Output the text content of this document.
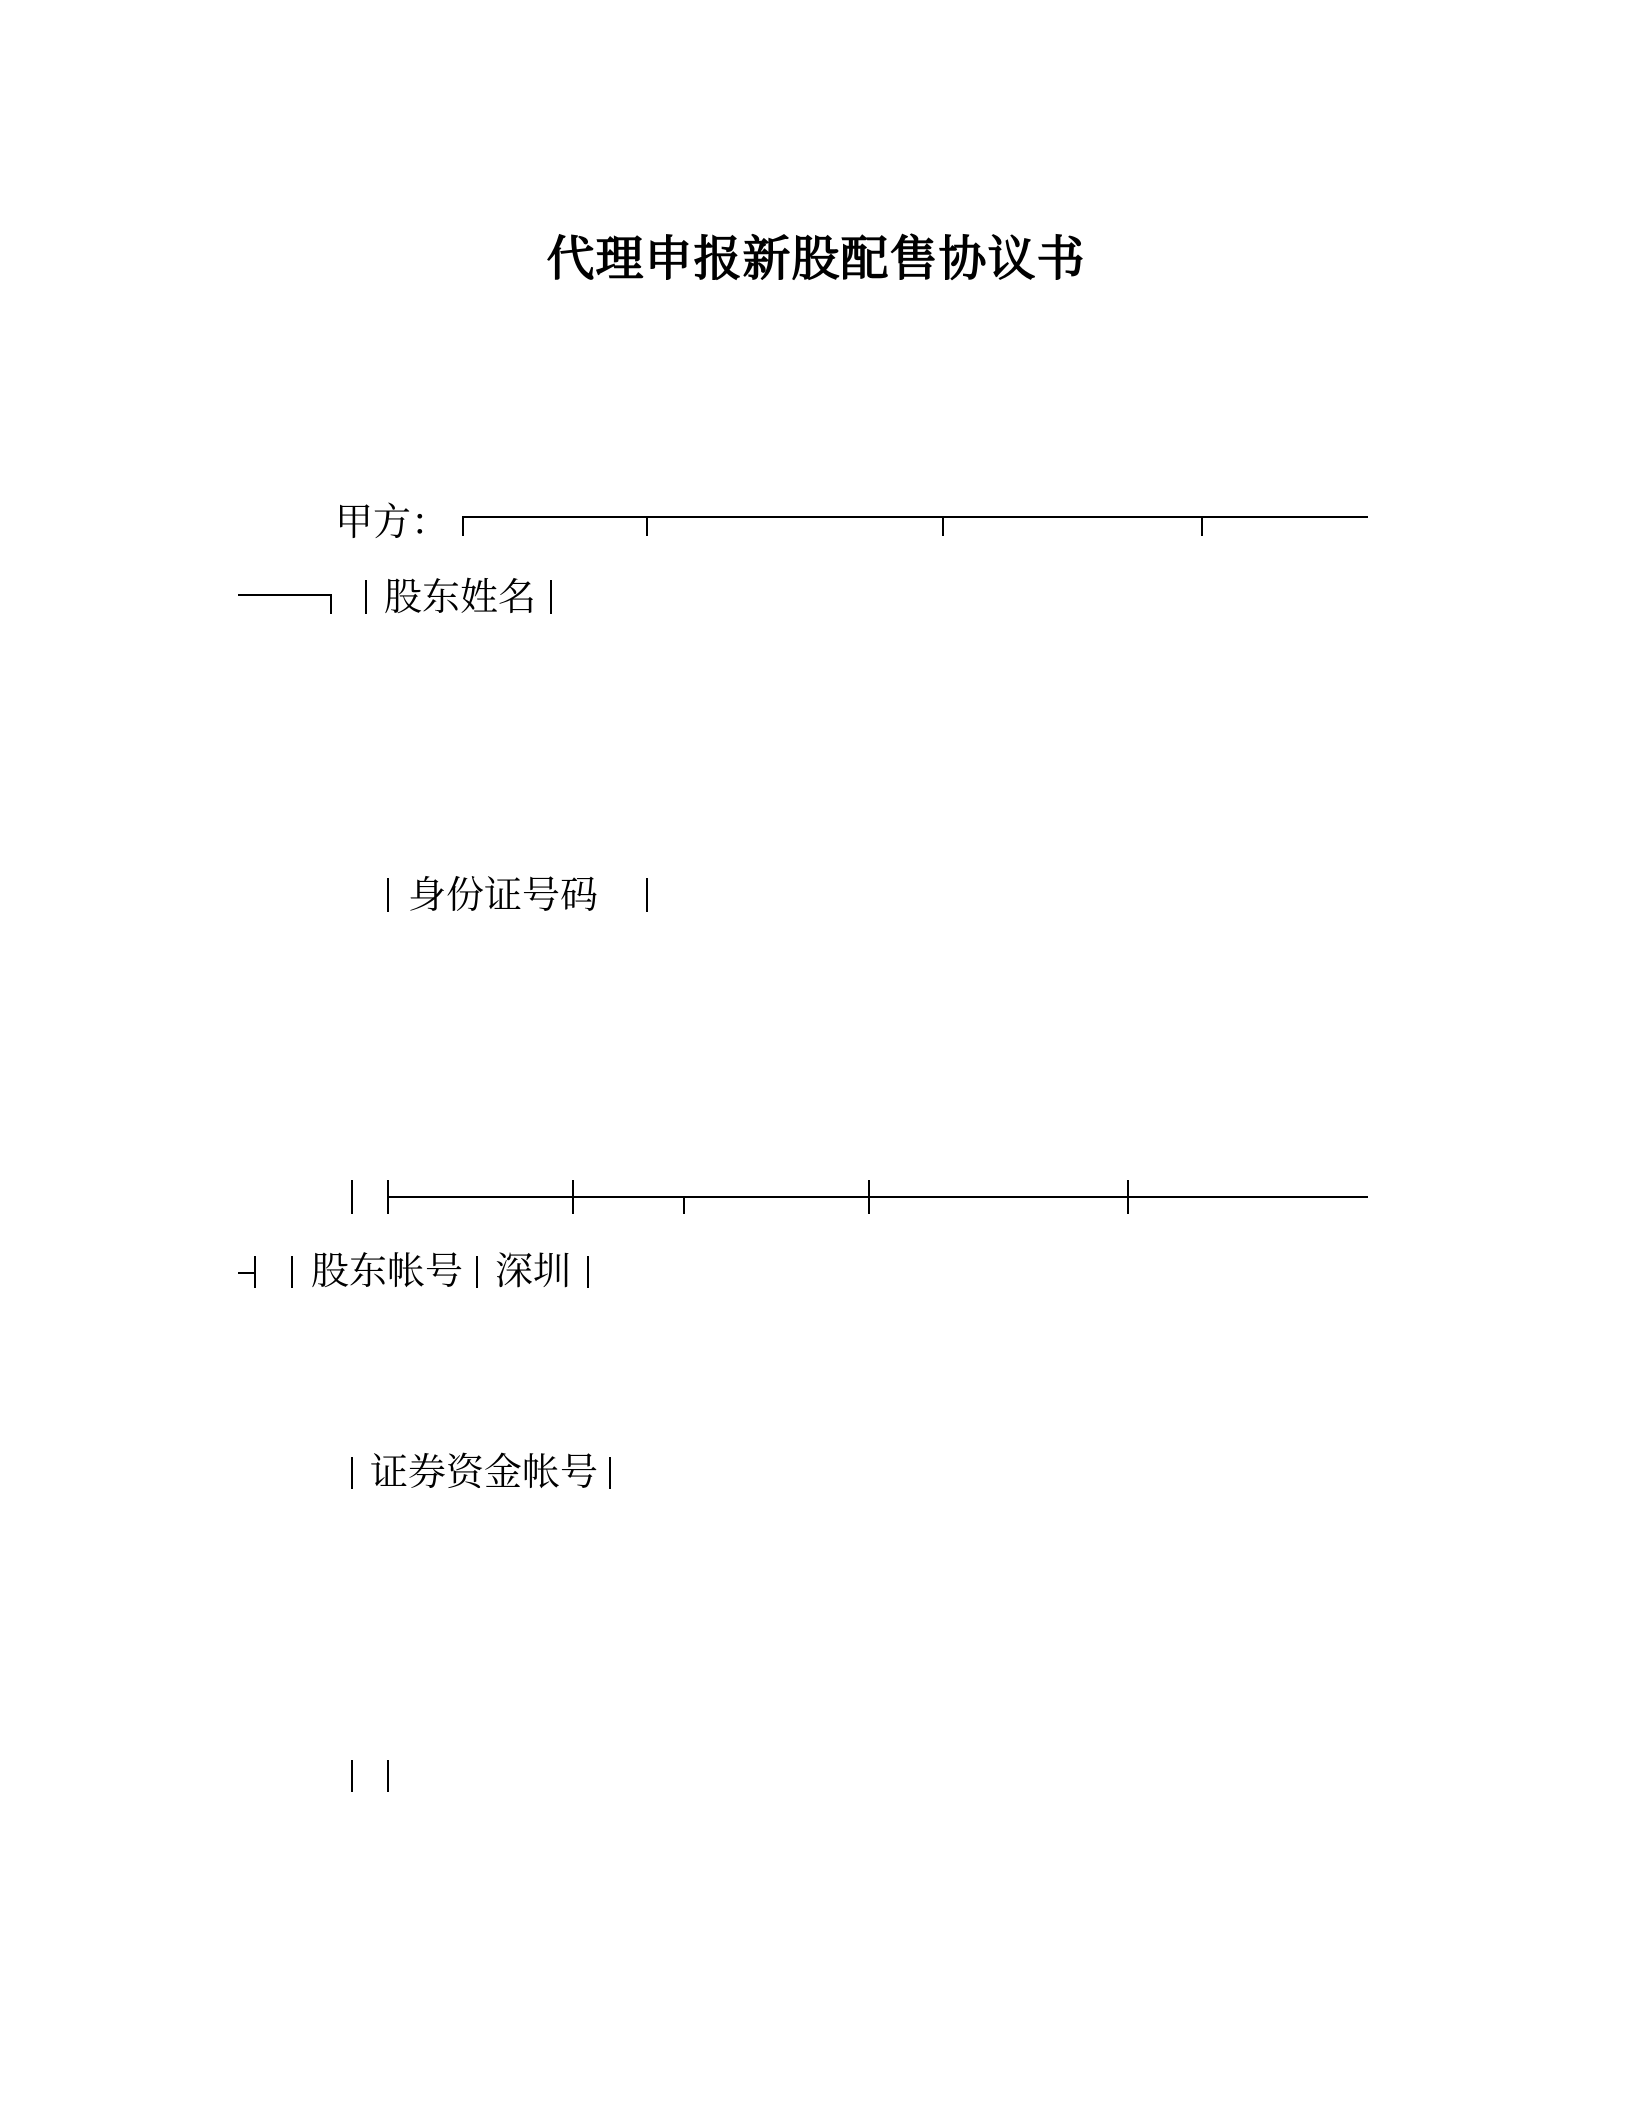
代理申报新股配售协议书
甲方：
股东姓名
身份证号码
股东帐号 深圳
证券资金帐号
